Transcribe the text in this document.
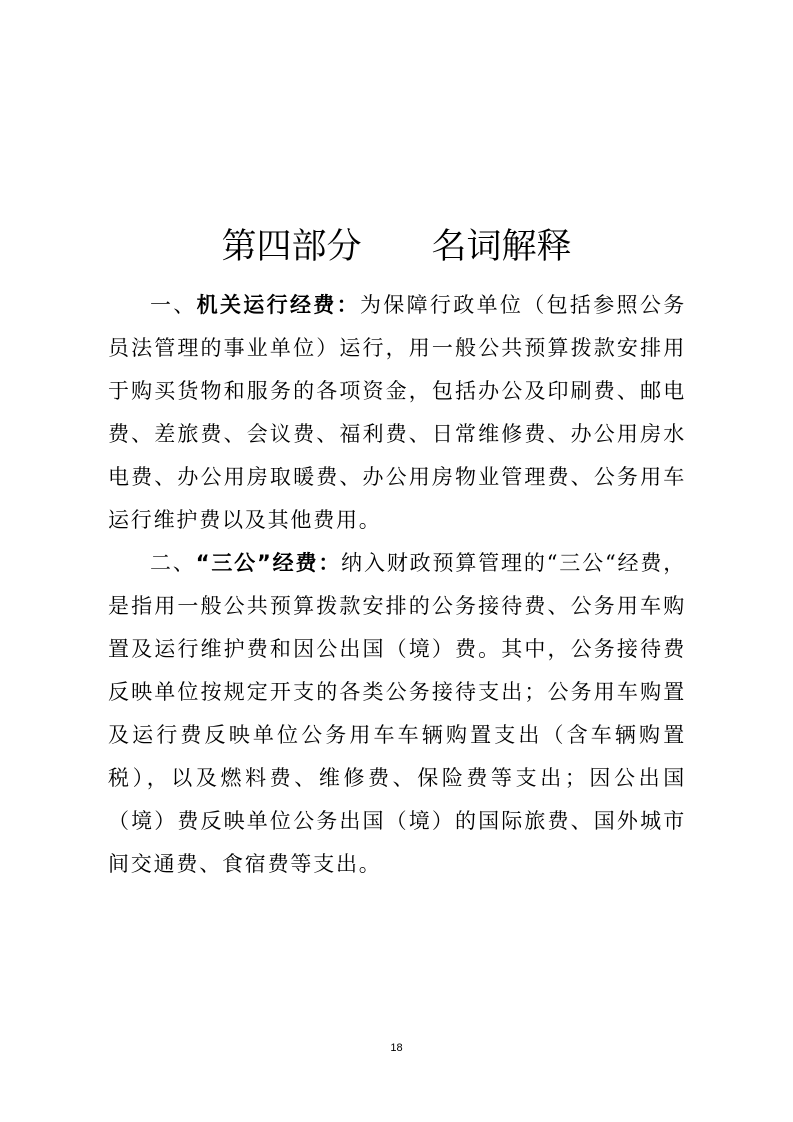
第四部分　　名词解释

一、机关运行经费：为保障行政单位（包括参照公务员法管理的事业单位）运行，用一般公共预算拨款安排用于购买货物和服务的各项资金，包括办公及印刷费、邮电费、差旅费、会议费、福利费、日常维修费、办公用房水电费、办公用房取暖费、办公用房物业管理费、公务用车运行维护费以及其他费用。

二、“三公”经费：纳入财政预算管理的“三公“经费，是指用一般公共预算拨款安排的公务接待费、公务用车购置及运行维护费和因公出国（境）费。其中，公务接待费反映单位按规定开支的各类公务接待支出；公务用车购置及运行费反映单位公务用车车辆购置支出（含车辆购置税），以及燃料费、维修费、保险费等支出；因公出国（境）费反映单位公务出国（境）的国际旅费、国外城市间交通费、食宿费等支出。

18
